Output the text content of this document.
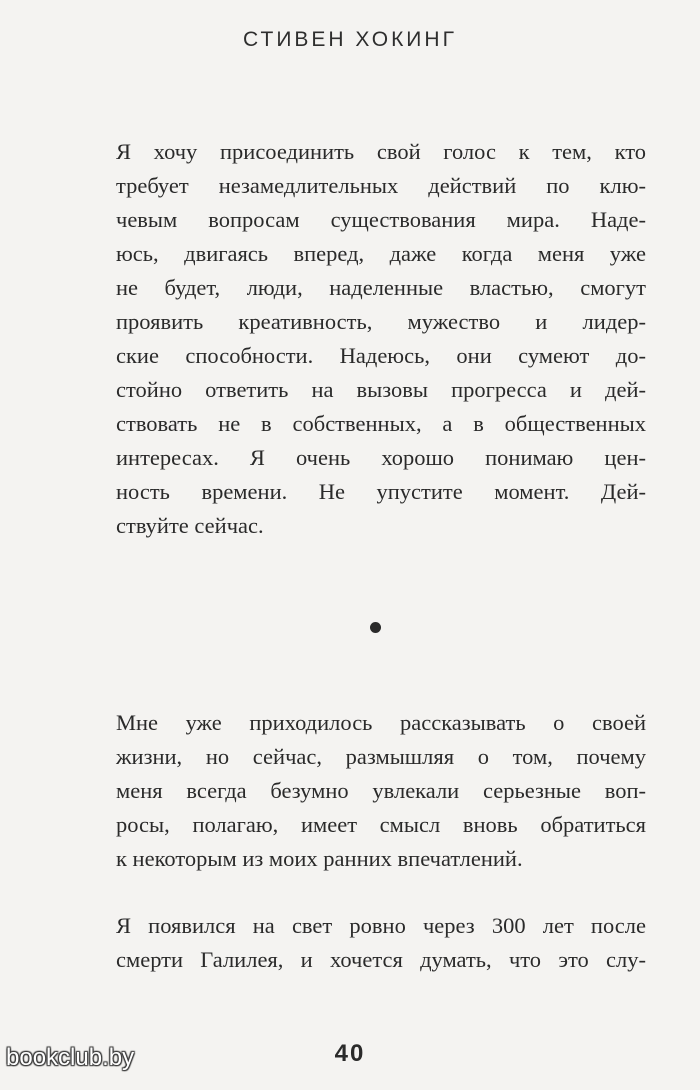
СТИВЕН ХОКИНГ

Я хочу присоединить свой голос к тем, кто
требует незамедлительных действий по клю-
чевым вопросам существования мира. Наде-
юсь, двигаясь вперед, даже когда меня уже
не будет, люди, наделенные властью, смогут
проявить креативность, мужество и лидер-
ские способности. Надеюсь, они сумеют до-
стойно ответить на вызовы прогресса и дей-
ствовать не в собственных, а в общественных
интересах. Я очень хорошо понимаю цен-
ность времени. Не упустите момент. Дей-
ствуйте сейчас.

Мне уже приходилось рассказывать о своей
жизни, но сейчас, размышляя о том, почему
меня всегда безумно увлекали серьезные воп-
росы, полагаю, имеет смысл вновь обратиться
к некоторым из моих ранних впечатлений.

Я появился на свет ровно через 300 лет после
смерти Галилея, и хочется думать, что это слу-

40
bookclub.by
